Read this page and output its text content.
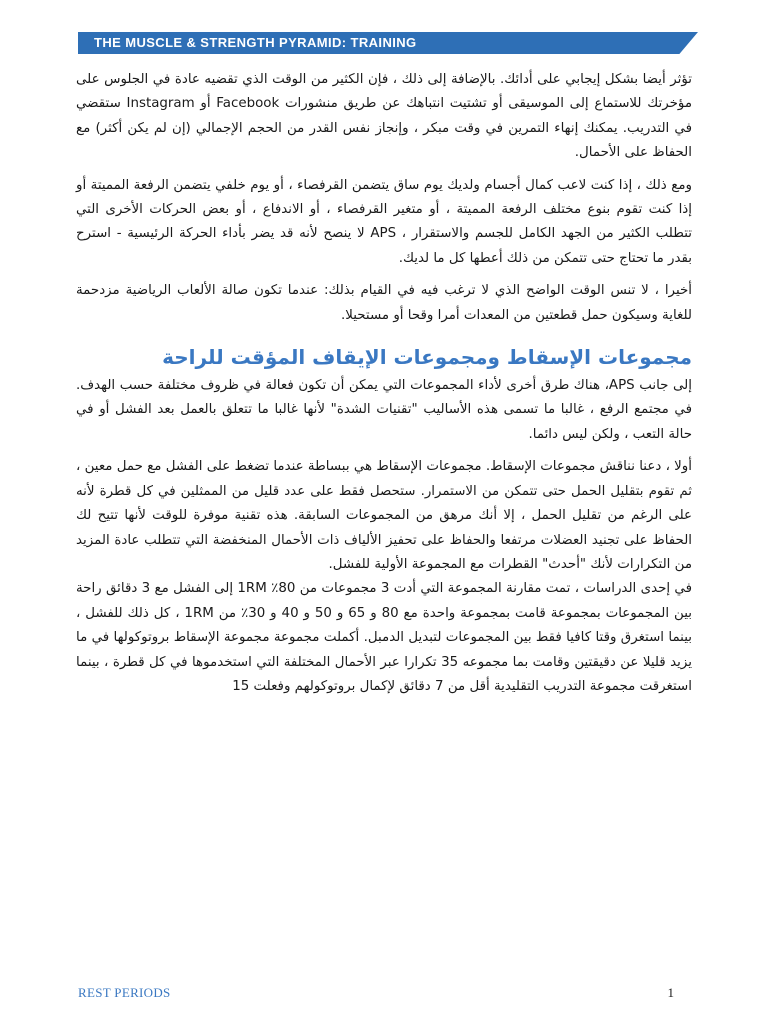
THE MUSCLE & STRENGTH PYRAMID: TRAINING

تؤثر أيضا بشكل إيجابي على أدائك. بالإضافة إلى ذلك ، فإن الكثير من الوقت الذي تقضيه عادة في الجلوس على مؤخرتك للاستماع إلى الموسيقى أو تشتيت انتباهك عن طريق منشورات Facebook أو Instagram ستقضي في التدريب. يمكنك إنهاء التمرين في وقت مبكر ، وإنجاز نفس القدر من الحجم الإجمالي (إن لم يكن أكثر) مع الحفاظ على الأحمال.

ومع ذلك ، إذا كنت لاعب كمال أجسام ولديك يوم ساق يتضمن القرفصاء ، أو يوم خلفي يتضمن الرفعة المميتة أو إذا كنت تقوم بنوع مختلف الرفعة المميتة ، أو متغير القرفصاء ، أو الاندفاع ، أو بعض الحركات الأخرى التي تتطلب الكثير من الجهد الكامل للجسم والاستقرار ، APS لا ينصح لأنه قد يضر بأداء الحركة الرئيسية - استرح بقدر ما تحتاج حتى تتمكن من ذلك أعطها كل ما لديك.

أخيرا ، لا تنس الوقت الواضح الذي لا ترغب فيه في القيام بذلك: عندما تكون صالة الألعاب الرياضية مزدحمة للغاية وسيكون حمل قطعتين من المعدات أمرا وقحا أو مستحيلا.

مجموعات الإسقاط ومجموعات الإيقاف المؤقت للراحة

إلى جانب APS، هناك طرق أخرى لأداء المجموعات التي يمكن أن تكون فعالة في ظروف مختلفة حسب الهدف. في مجتمع الرفع ، غالبا ما تسمى هذه الأساليب "تقنيات الشدة" لأنها غالبا ما تتعلق بالعمل بعد الفشل أو في حالة التعب ، ولكن ليس دائما.

أولا ، دعنا نناقش مجموعات الإسقاط. مجموعات الإسقاط هي ببساطة عندما تضغط على الفشل مع حمل معين ، ثم تقوم بتقليل الحمل حتى تتمكن من الاستمرار. ستحصل فقط على عدد قليل من الممثلين في كل قطرة لأنه على الرغم من تقليل الحمل ، إلا أنك مرهق من المجموعات السابقة. هذه تقنية موفرة للوقت لأنها تتيح لك الحفاظ على تجنيد العضلات مرتفعا والحفاظ على تحفيز الألياف ذات الأحمال المنخفضة التي تتطلب عادة المزيد من التكرارات لأنك "أحدث" القطرات مع المجموعة الأولية للفشل.

في إحدى الدراسات ، تمت مقارنة المجموعة التي أدت 3 مجموعات من 80٪ 1RM إلى الفشل مع 3 دقائق راحة بين المجموعات بمجموعة قامت بمجموعة واحدة مع 80 و 65 و 50 و 40 و 30٪ من 1RM ، كل ذلك للفشل ، بينما استغرق وقتا كافيا فقط بين المجموعات لتبديل الدمبل. أكملت مجموعة مجموعة الإسقاط بروتوكولها في ما يزيد قليلا عن دقيقتين وقامت بما مجموعه 35 تكرارا عبر الأحمال المختلفة التي استخدموها في كل قطرة ، بينما استغرقت مجموعة التدريب التقليدية أقل من 7 دقائق لإكمال بروتوكولهم وفعلت 15

REST PERIODS	1
